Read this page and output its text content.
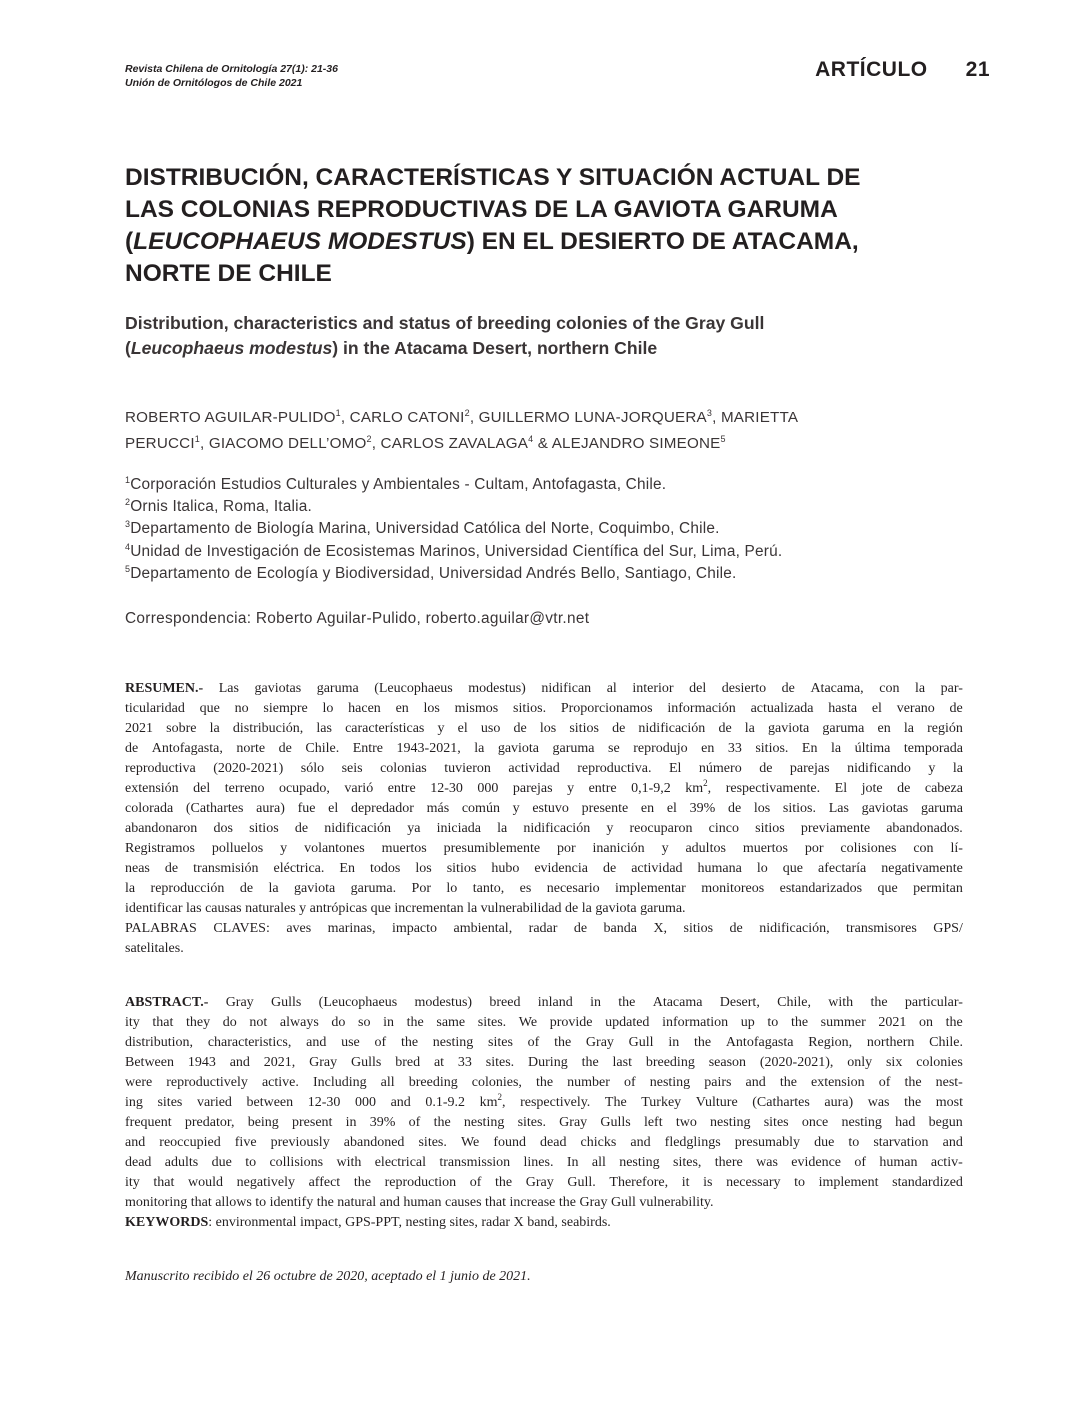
Revista Chilena de Ornitología 27(1): 21-36
Unión de Ornitólogos de Chile 2021
ARTÍCULO 21
DISTRIBUCIÓN, CARACTERÍSTICAS Y SITUACIÓN ACTUAL DE
LAS COLONIAS REPRODUCTIVAS DE LA GAVIOTA GARUMA
(LEUCOPHAEUS MODESTUS) EN EL DESIERTO DE ATACAMA,
NORTE DE CHILE
Distribution, characteristics and status of breeding colonies of the Gray Gull
(Leucophaeus modestus) in the Atacama Desert, northern Chile
ROBERTO AGUILAR-PULIDO$^1$, CARLO CATONI$^2$, GUILLERMO LUNA-JORQUERA$^3$, MARIETTA
PERUCCI$^1$, GIACOMO DELL’OMO$^2$, CARLOS ZAVALAGA$^4$ & ALEJANDRO SIMEONE$^5$
$^1$Corporación Estudios Culturales y Ambientales - Cultam, Antofagasta, Chile.
$^2$Ornis Italica, Roma, Italia.
$^3$Departamento de Biología Marina, Universidad Católica del Norte, Coquimbo, Chile.
$^4$Unidad de Investigación de Ecosistemas Marinos, Universidad Científica del Sur, Lima, Perú.
$^5$Departamento de Ecología y Biodiversidad, Universidad Andrés Bello, Santiago, Chile.
Correspondencia: Roberto Aguilar-Pulido, roberto.aguilar@vtr.net
RESUMEN.- Las gaviotas garuma (Leucophaeus modestus) nidifican al interior del desierto de Atacama, con la par-
ticularidad que no siempre lo hacen en los mismos sitios. Proporcionamos información actualizada hasta el verano de
2021 sobre la distribución, las características y el uso de los sitios de nidificación de la gaviota garuma en la región
de Antofagasta, norte de Chile. Entre 1943-2021, la gaviota garuma se reprodujo en 33 sitios. En la última temporada
reproductiva (2020-2021) sólo seis colonias tuvieron actividad reproductiva. El número de parejas nidificando y la
extensión del terreno ocupado, varió entre 12-30 000 parejas y entre 0,1-9,2 $km^2$, respectivamente. El jote de cabeza
colorada (Cathartes aura) fue el depredador más común y estuvo presente en el 39% de los sitios. Las gaviotas garuma
abandonaron dos sitios de nidificación ya iniciada la nidificación y reocuparon cinco sitios previamente abandonados.
Registramos polluelos y volantones muertos presumiblemente por inanición y adultos muertos por colisiones con lí-
neas de transmisión eléctrica. En todos los sitios hubo evidencia de actividad humana lo que afectaría negativamente
la reproducción de la gaviota garuma. Por lo tanto, es necesario implementar monitoreos estandarizados que permitan
identificar las causas naturales y antrópicas que incrementan la vulnerabilidad de la gaviota garuma.
PALABRAS CLAVES: aves marinas, impacto ambiental, radar de banda X, sitios de nidificación, transmisores GPS/
satelitales.
ABSTRACT.- Gray Gulls (Leucophaeus modestus) breed inland in the Atacama Desert, Chile, with the particular-
ity that they do not always do so in the same sites. We provide updated information up to the summer 2021 on the
distribution, characteristics, and use of the nesting sites of the Gray Gull in the Antofagasta Region, northern Chile.
Between 1943 and 2021, Gray Gulls bred at 33 sites. During the last breeding season (2020-2021), only six colonies
were reproductively active. Including all breeding colonies, the number of nesting pairs and the extension of the nest-
ing sites varied between 12-30 000 and 0.1-9.2 $km^2$, respectively. The Turkey Vulture (Cathartes aura) was the most
frequent predator, being present in 39% of the nesting sites. Gray Gulls left two nesting sites once nesting had begun
and reoccupied five previously abandoned sites. We found dead chicks and fledglings presumably due to starvation and
dead adults due to collisions with electrical transmission lines. In all nesting sites, there was evidence of human activ-
ity that would negatively affect the reproduction of the Gray Gull. Therefore, it is necessary to implement standardized
monitoring that allows to identify the natural and human causes that increase the Gray Gull vulnerability.
KEYWORDS: environmental impact, GPS-PPT, nesting sites, radar X band, seabirds.
Manuscrito recibido el 26 octubre de 2020, aceptado el 1 junio de 2021.
